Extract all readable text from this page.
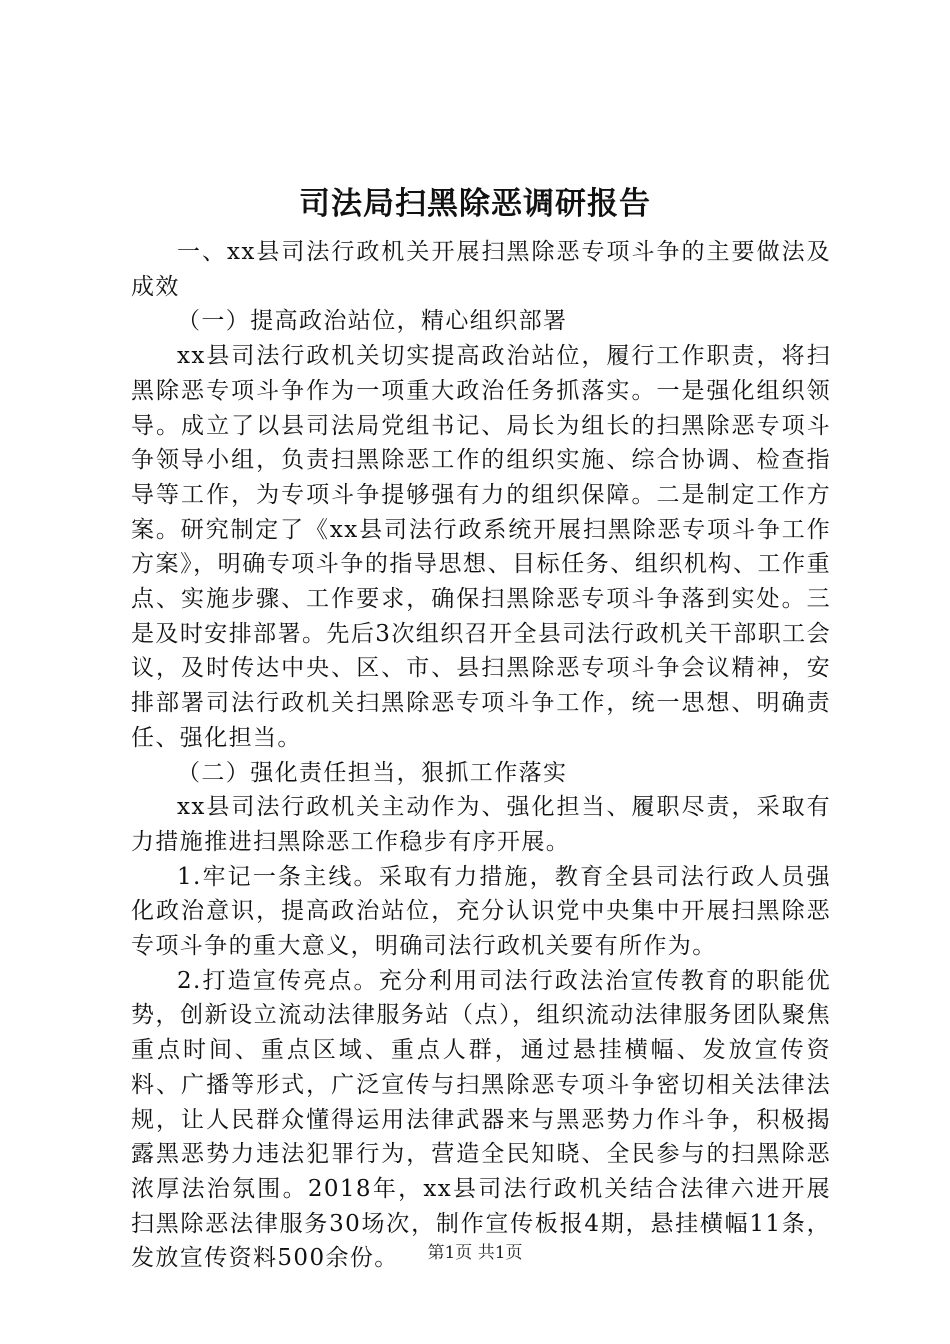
司法局扫黑除恶调研报告

一、xx县司法行政机关开展扫黑除恶专项斗争的主要做法及成效

（一）提高政治站位，精心组织部署

xx县司法行政机关切实提高政治站位，履行工作职责，将扫黑除恶专项斗争作为一项重大政治任务抓落实。一是强化组织领导。成立了以县司法局党组书记、局长为组长的扫黑除恶专项斗争领导小组，负责扫黑除恶工作的组织实施、综合协调、检查指导等工作，为专项斗争提够强有力的组织保障。二是制定工作方案。研究制定了《xx县司法行政系统开展扫黑除恶专项斗争工作方案》，明确专项斗争的指导思想、目标任务、组织机构、工作重点、实施步骤、工作要求，确保扫黑除恶专项斗争落到实处。三是及时安排部署。先后3次组织召开全县司法行政机关干部职工会议，及时传达中央、区、市、县扫黑除恶专项斗争会议精神，安排部署司法行政机关扫黑除恶专项斗争工作，统一思想、明确责任、强化担当。

（二）强化责任担当，狠抓工作落实

xx县司法行政机关主动作为、强化担当、履职尽责，采取有力措施推进扫黑除恶工作稳步有序开展。

1.牢记一条主线。采取有力措施，教育全县司法行政人员强化政治意识，提高政治站位，充分认识党中央集中开展扫黑除恶专项斗争的重大意义，明确司法行政机关要有所作为。

2.打造宣传亮点。充分利用司法行政法治宣传教育的职能优势，创新设立流动法律服务站（点），组织流动法律服务团队聚焦重点时间、重点区域、重点人群，通过悬挂横幅、发放宣传资料、广播等形式，广泛宣传与扫黑除恶专项斗争密切相关法律法规，让人民群众懂得运用法律武器来与黑恶势力作斗争，积极揭露黑恶势力违法犯罪行为，营造全民知晓、全民参与的扫黑除恶浓厚法治氛围。2018年，xx县司法行政机关结合法律六进开展扫黑除恶法律服务30场次，制作宣传板报4期，悬挂横幅11条，发放宣传资料500余份。	第1页 共1页
